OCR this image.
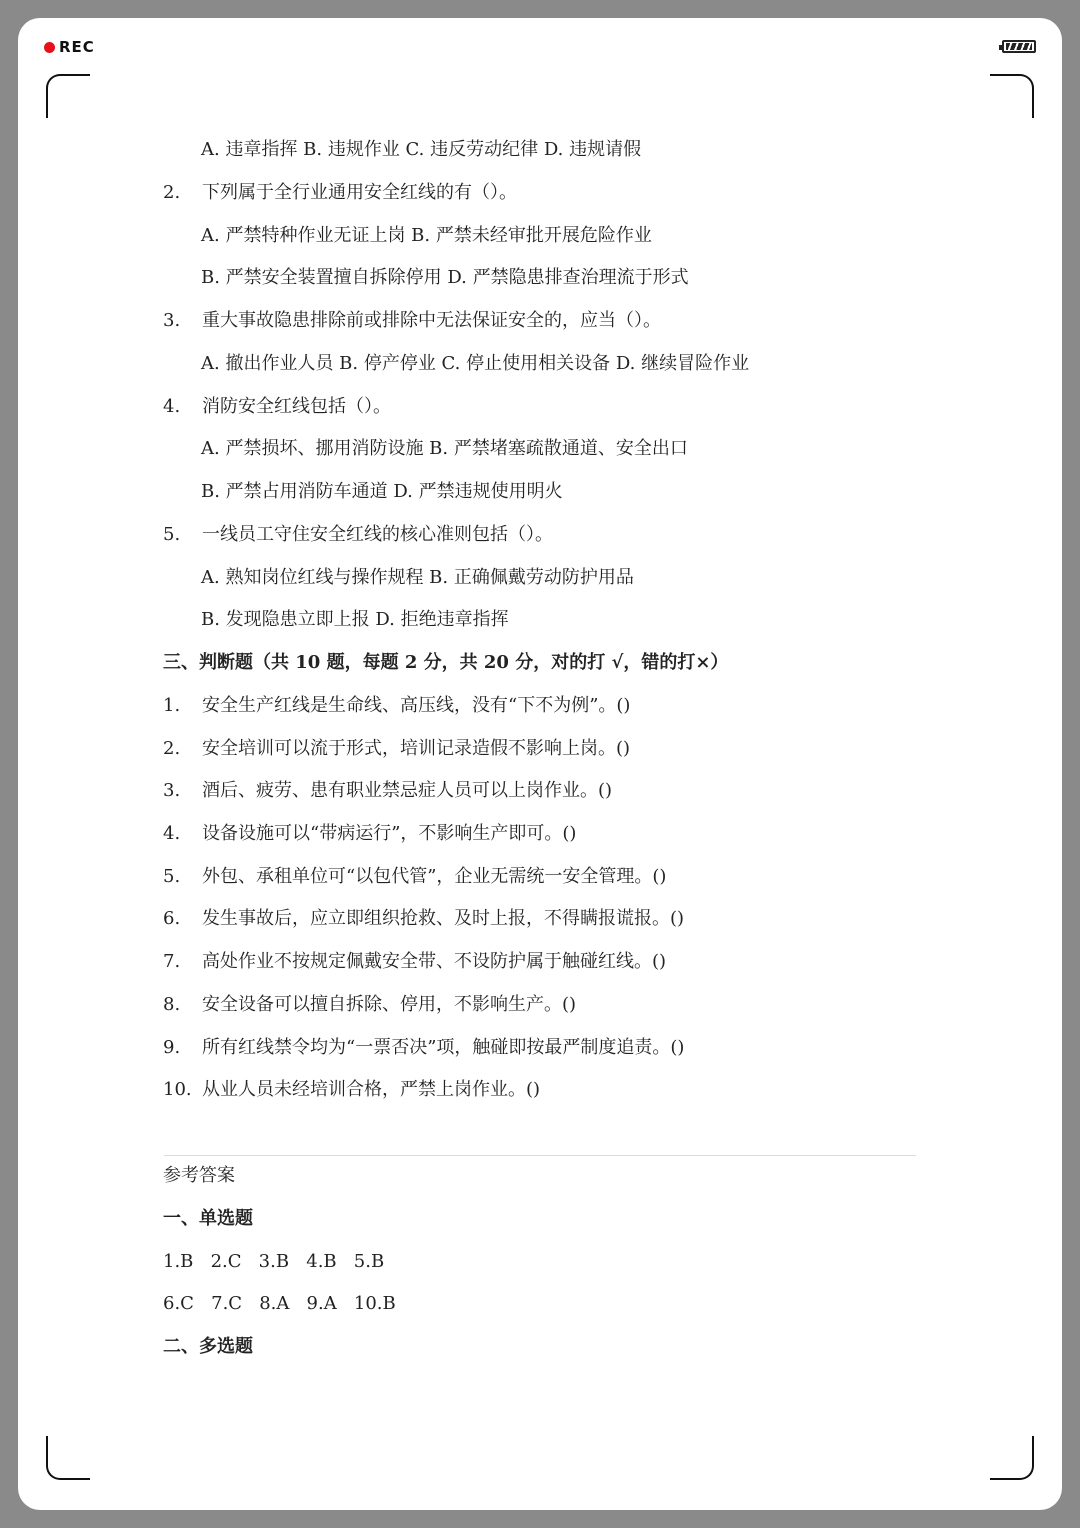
REC
A. 违章指挥 B. 违规作业 C. 违反劳动纪律 D. 违规请假
2. 下列属于全行业通用安全红线的有（）。
A. 严禁特种作业无证上岗 B. 严禁未经审批开展危险作业
B. 严禁安全装置擅自拆除停用 D. 严禁隐患排查治理流于形式
3. 重大事故隐患排除前或排除中无法保证安全的，应当（）。
A. 撤出作业人员 B. 停产停业 C. 停止使用相关设备 D. 继续冒险作业
4. 消防安全红线包括（）。
A. 严禁损坏、挪用消防设施 B. 严禁堵塞疏散通道、安全出口
B. 严禁占用消防车通道 D. 严禁违规使用明火
5. 一线员工守住安全红线的核心准则包括（）。
A. 熟知岗位红线与操作规程 B. 正确佩戴劳动防护用品
B. 发现隐患立即上报 D. 拒绝违章指挥
三、判断题（共 10 题，每题 2 分，共 20 分，对的打 √，错的打×）
1. 安全生产红线是生命线、高压线，没有“下不为例”。()
2. 安全培训可以流于形式，培训记录造假不影响上岗。()
3. 酒后、疲劳、患有职业禁忌症人员可以上岗作业。()
4. 设备设施可以“带病运行”，不影响生产即可。()
5. 外包、承租单位可“以包代管”，企业无需统一安全管理。()
6. 发生事故后，应立即组织抢救、及时上报，不得瞒报谎报。()
7. 高处作业不按规定佩戴安全带、不设防护属于触碰红线。()
8. 安全设备可以擅自拆除、停用，不影响生产。()
9. 所有红线禁令均为“一票否决”项，触碰即按最严制度追责。()
10. 从业人员未经培训合格，严禁上岗作业。()
参考答案
一、单选题
1.B   2.C   3.B   4.B   5.B
6.C   7.C   8.A   9.A   10.B
二、多选题
